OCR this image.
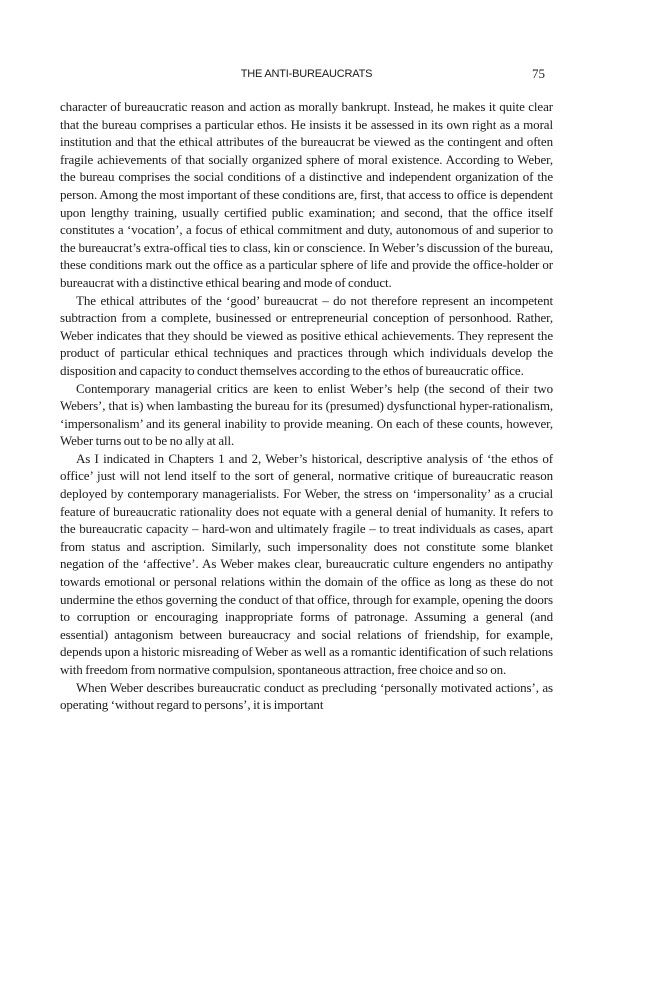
THE ANTI-BUREAUCRATS	75

character of bureaucratic reason and action as morally bankrupt. Instead, he makes it quite clear that the bureau comprises a particular ethos. He insists it be assessed in its own right as a moral institution and that the ethical attributes of the bureaucrat be viewed as the contingent and often fragile achievements of that socially organized sphere of moral existence. According to Weber, the bureau comprises the social conditions of a distinctive and independent organization of the person. Among the most important of these conditions are, first, that access to office is dependent upon lengthy training, usually certified public examination; and second, that the office itself constitutes a ‘vocation’, a focus of ethical commitment and duty, autonomous of and superior to the bureaucrat’s extra-offical ties to class, kin or conscience. In Weber’s discussion of the bureau, these conditions mark out the office as a particular sphere of life and provide the office-holder or bureaucrat with a distinctive ethical bearing and mode of conduct.

The ethical attributes of the ‘good’ bureaucrat – do not therefore represent an incompetent subtraction from a complete, businessed or entrepreneurial conception of personhood. Rather, Weber indicates that they should be viewed as positive ethical achievements. They represent the product of particular ethical techniques and practices through which individuals develop the disposition and capacity to conduct themselves according to the ethos of bureaucratic office.

Contemporary managerial critics are keen to enlist Weber’s help (the second of their two Webers’, that is) when lambasting the bureau for its (presumed) dysfunctional hyper-rationalism, ‘impersonalism’ and its general inability to provide meaning. On each of these counts, however, Weber turns out to be no ally at all.

As I indicated in Chapters 1 and 2, Weber’s historical, descriptive analysis of ‘the ethos of office’ just will not lend itself to the sort of general, normative critique of bureaucratic reason deployed by contemporary managerialists. For Weber, the stress on ‘impersonality’ as a crucial feature of bureaucratic rationality does not equate with a general denial of humanity. It refers to the bureaucratic capacity – hard-won and ultimately fragile – to treat individuals as cases, apart from status and ascription. Similarly, such impersonality does not constitute some blanket negation of the ‘affective’. As Weber makes clear, bureaucratic culture engenders no antipathy towards emotional or personal relations within the domain of the office as long as these do not undermine the ethos governing the conduct of that office, through for example, opening the doors to corruption or encouraging inappropriate forms of patronage. Assuming a general (and essential) antagonism between bureaucracy and social relations of friendship, for example, depends upon a historic misreading of Weber as well as a romantic identification of such relations with freedom from normative compulsion, spontaneous attraction, free choice and so on.

When Weber describes bureaucratic conduct as precluding ‘personally motivated actions’, as operating ‘without regard to persons’, it is important
